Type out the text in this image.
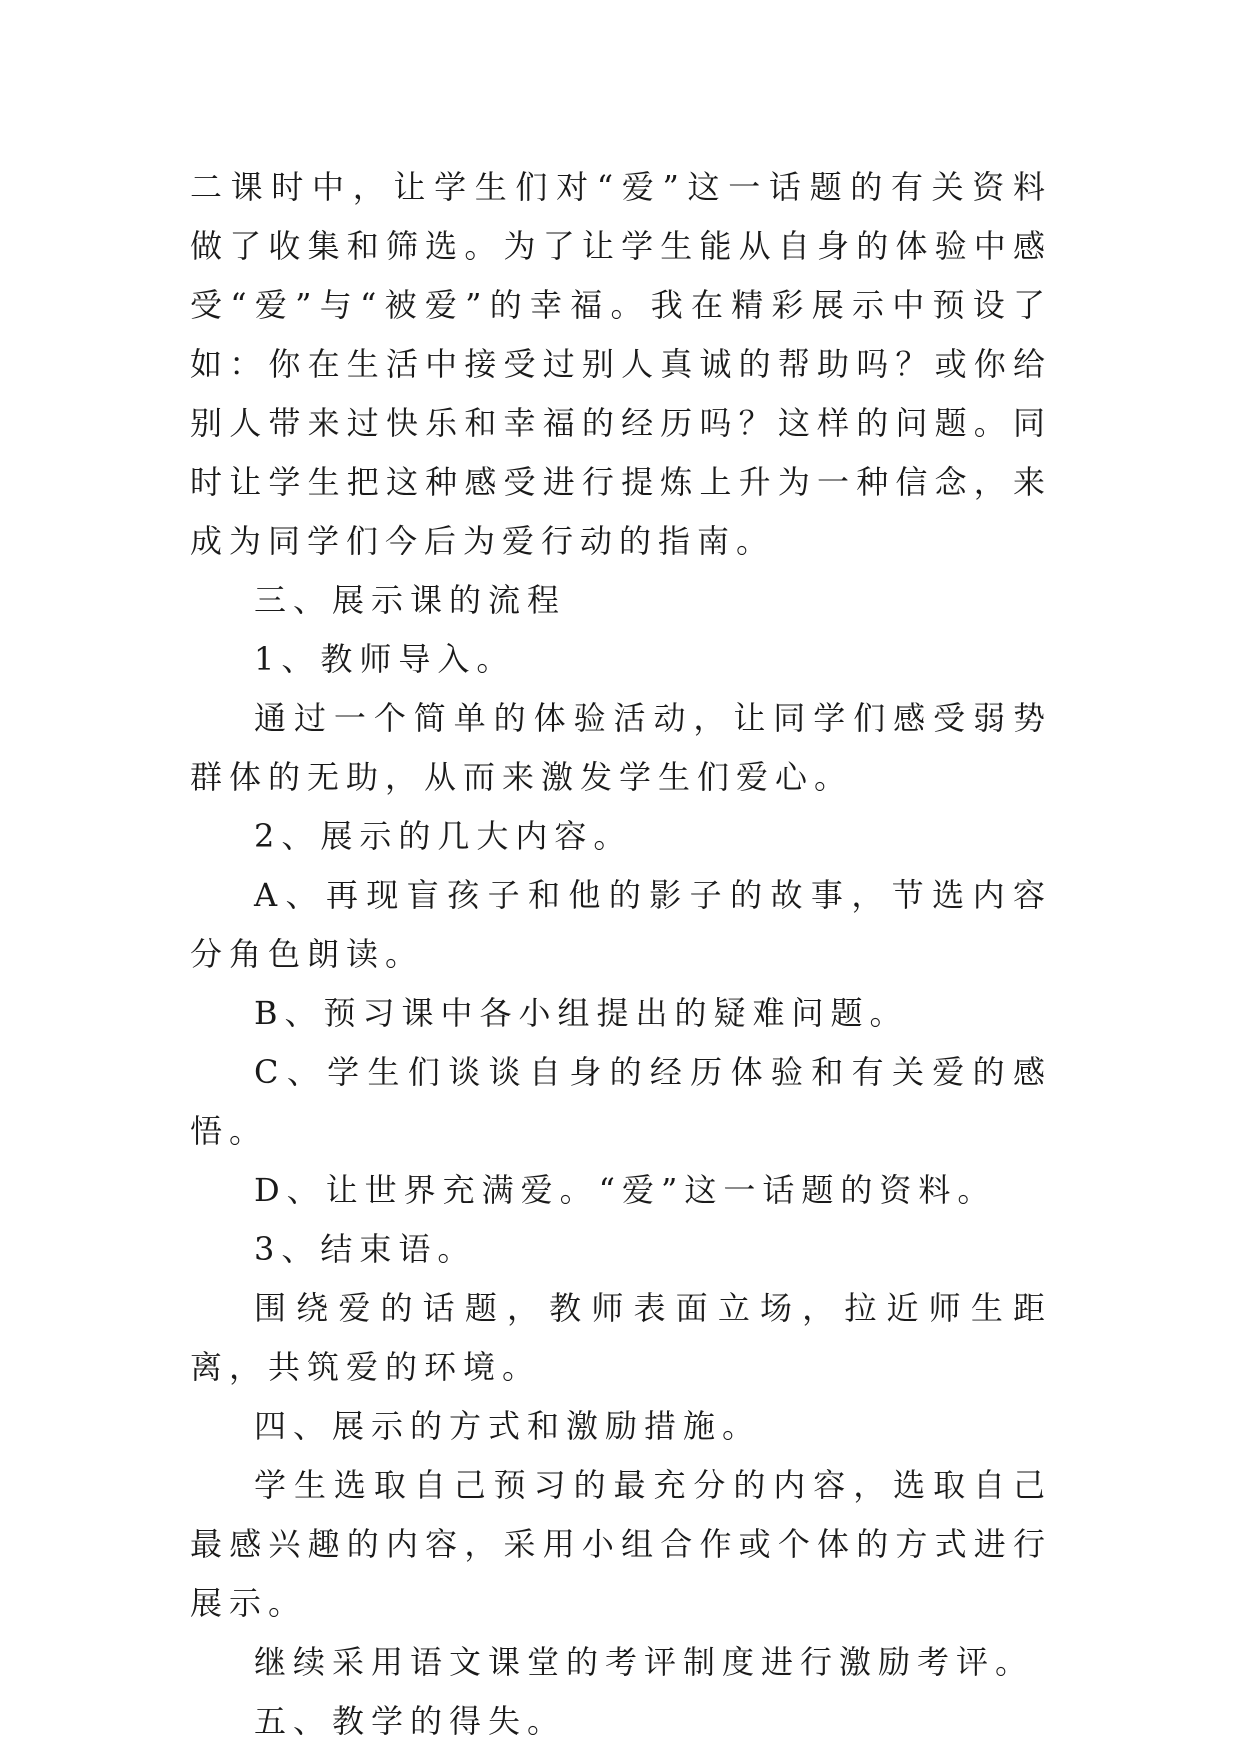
二课时中，让学生们对“爱”这一话题的有关资料做了收集和筛选。为了让学生能从自身的体验中感受“爱”与“被爱”的幸福。我在精彩展示中预设了如：你在生活中接受过别人真诚的帮助吗？或你给别人带来过快乐和幸福的经历吗？这样的问题。同时让学生把这种感受进行提炼上升为一种信念，来成为同学们今后为爱行动的指南。

三、展示课的流程

1、教师导入。

通过一个简单的体验活动，让同学们感受弱势群体的无助，从而来激发学生们爱心。

2、展示的几大内容。

A、再现盲孩子和他的影子的故事，节选内容分角色朗读。

B、预习课中各小组提出的疑难问题。

C、学生们谈谈自身的经历体验和有关爱的感悟。

D、让世界充满爱。“爱”这一话题的资料。

3、结束语。

围绕爱的话题，教师表面立场，拉近师生距离，共筑爱的环境。

四、展示的方式和激励措施。

学生选取自己预习的最充分的内容，选取自己最感兴趣的内容，采用小组合作或个体的方式进行展示。

继续采用语文课堂的考评制度进行激励考评。

五、教学的得失。
